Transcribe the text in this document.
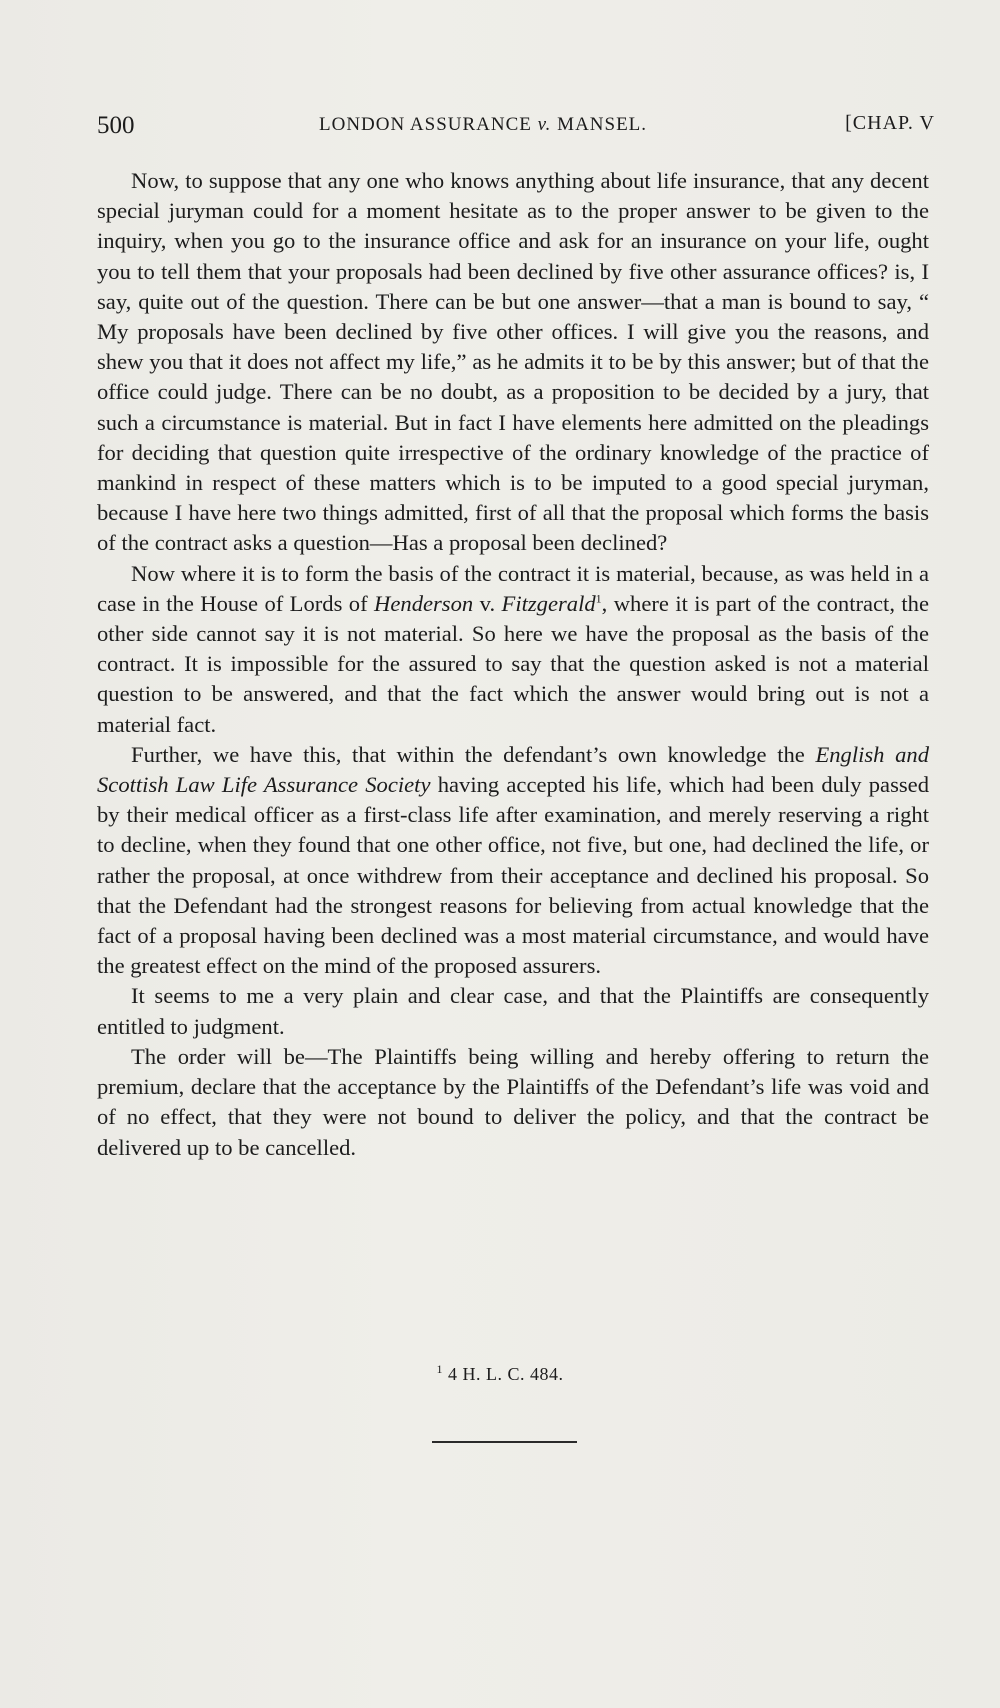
500	LONDON ASSURANCE v. MANSEL.	[CHAP. V

Now, to suppose that any one who knows anything about life insurance, that any decent special juryman could for a moment hesitate as to the proper answer to be given to the inquiry, when you go to the insurance office and ask for an insurance on your life, ought you to tell them that your proposals had been declined by five other assurance offices? is, I say, quite out of the question. There can be but one answer—that a man is bound to say, “ My proposals have been declined by five other offices. I will give you the reasons, and shew you that it does not affect my life,” as he admits it to be by this answer; but of that the office could judge. There can be no doubt, as a proposition to be decided by a jury, that such a circumstance is material. But in fact I have elements here admitted on the pleadings for deciding that question quite irrespective of the ordinary knowledge of the practice of mankind in respect of these matters which is to be imputed to a good special juryman, because I have here two things admitted, first of all that the proposal which forms the basis of the contract asks a question—Has a proposal been declined?

Now where it is to form the basis of the contract it is material, because, as was held in a case in the House of Lords of Henderson v. Fitzgerald$^1$, where it is part of the contract, the other side cannot say it is not material. So here we have the proposal as the basis of the contract. It is impossible for the assured to say that the question asked is not a material question to be answered, and that the fact which the answer would bring out is not a material fact.

Further, we have this, that within the defendant’s own knowledge the English and Scottish Law Life Assurance Society having accepted his life, which had been duly passed by their medical officer as a first-class life after examination, and merely reserving a right to decline, when they found that one other office, not five, but one, had declined the life, or rather the proposal, at once withdrew from their acceptance and declined his proposal. So that the Defendant had the strongest reasons for believing from actual knowledge that the fact of a proposal having been declined was a most material circumstance, and would have the greatest effect on the mind of the proposed assurers.

It seems to me a very plain and clear case, and that the Plaintiffs are consequently entitled to judgment.

The order will be—The Plaintiffs being willing and hereby offering to return the premium, declare that the acceptance by the Plaintiffs of the Defendant’s life was void and of no effect, that they were not bound to deliver the policy, and that the contract be delivered up to be cancelled.

$^1$ 4 H. L. C. 484.
